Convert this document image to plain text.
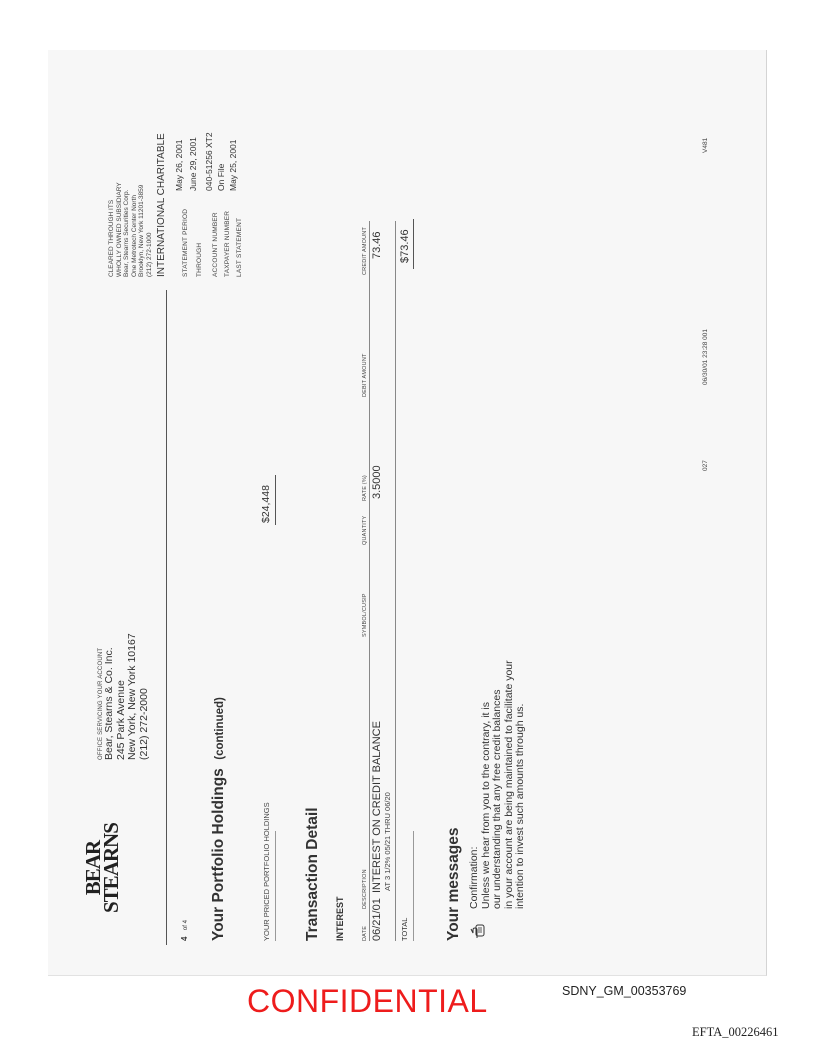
BEAR
STEARNS
OFFICE SERVICING YOUR ACCOUNT Bear, Stearns & Co. Inc. 245 Park Avenue New York, New York 10167 (212) 272-2000
CLEARED THROUGH ITS WHOLLY OWNED SUBSIDIARY Bear, Stearns Securities Corp. One Metrotech Center North Brooklyn, New York 11201-3859 (212) 272-1000 INTERNATIONAL CHARITABLE
4 of 4
STATEMENT PERIOD
May 26, 2001
THROUGH
June 29, 2001
ACCOUNT NUMBER
040-51256 XT2
TAXPAYER NUMBER
On File
LAST STATEMENT
May 25, 2001
Your Portfolio Holdings (continued)
YOUR PRICED PORTFOLIO HOLDINGS
$24,448
Transaction Detail INTEREST	DATE
DESCRIPTION
SYMBOL/CUSIP
QUANTITY
RATE (%)
DEBIT AMOUNT
CREDIT AMOUNT
06/21/01
INTEREST ON CREDIT BALANCE AT 3 1/2% 05/21 THRU 06/20
3.5000
73.46
TOTAL
$73.46
Your messages Confirmation: Unless we hear from you to the contrary, it is our understanding that any free credit balances in your account are being maintained to facilitate your intention to invest such amounts through us.
027
06/30/01 23:28 001
V481
CONFIDENTIAL	SDNY_GM_00353769
EFTA_00226461
